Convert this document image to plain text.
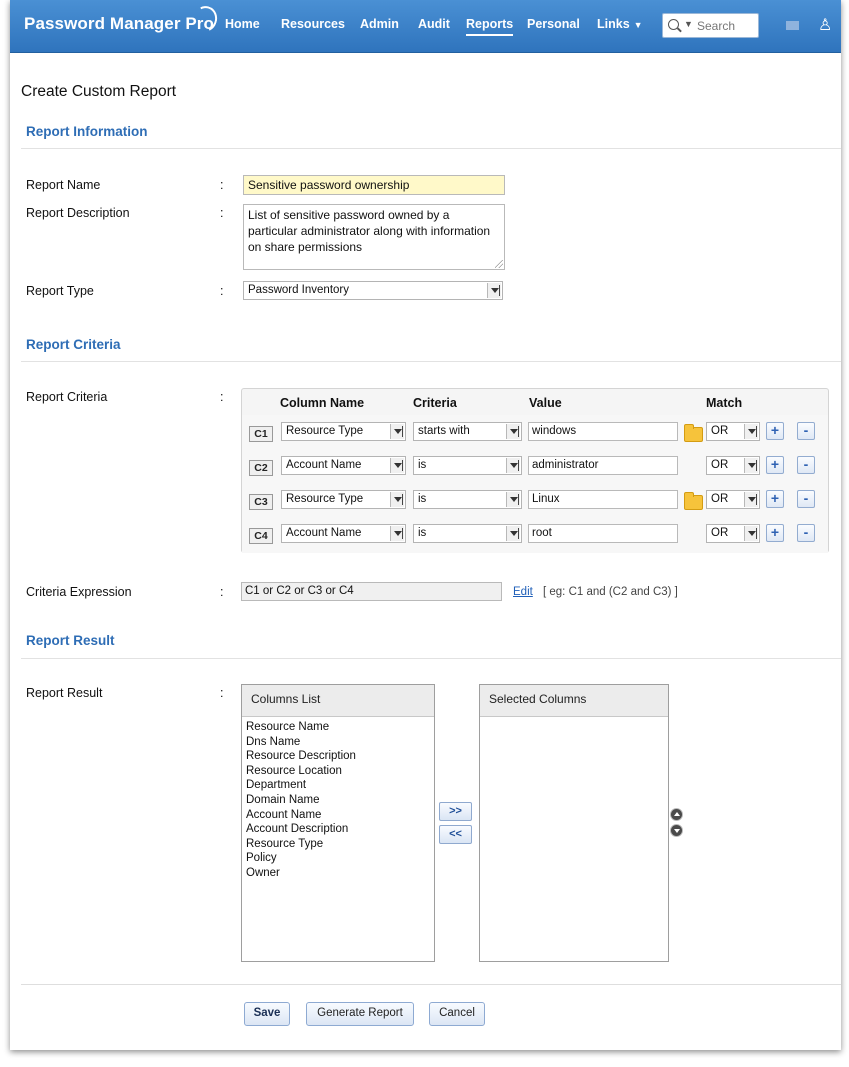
Password Manager Pro Home Resources Admin Audit Reports Personal Links ▼	▼ Search	♙
Create Custom Report
Report Information
Report Name	:	Sensitive password ownership
Report Description	:	List of sensitive password owned by a particular administrator along with information on share permissions
Report Type	: Password Inventory
Report Criteria
Report Criteria	:	Column Name	Criteria	Value	Match
C1	Resource Type	starts with	windows	OR	+	-
C2	Account Name	is	administrator	OR	+	-
C3	Resource Type	is	Linux	OR	+	-
C4	Account Name	is	root	OR	+	-
Criteria Expression	:	C1 or C2 or C3 or C4	Edit [ eg: C1 and (C2 and C3) ]
Report Result
Report Result	:	Columns List
Resource Name
Dns Name
Resource Description
Resource Location
Department
Domain Name
Account Name
Account Description
Resource Type
Policy
Owner
>>
<<
Selected Columns
Save	Generate Report	Cancel
